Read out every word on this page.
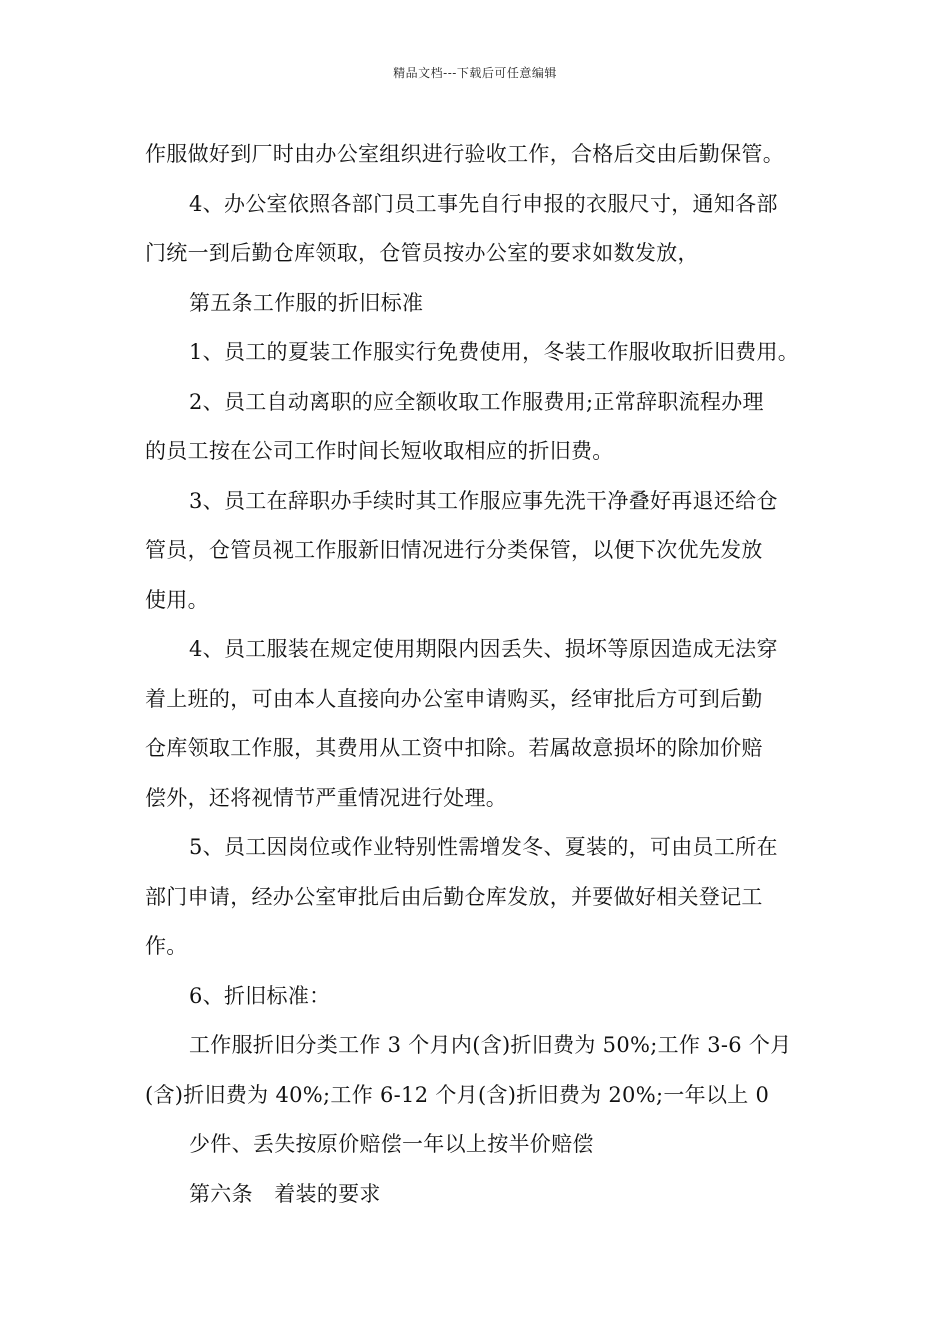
精品文档---下载后可任意编辑
作服做好到厂时由办公室组织进行验收工作，合格后交由后勤保管。
4、办公室依照各部门员工事先自行申报的衣服尺寸，通知各部
门统一到后勤仓库领取，仓管员按办公室的要求如数发放，
第五条工作服的折旧标准
1、员工的夏装工作服实行免费使用，冬装工作服收取折旧费用。
2、员工自动离职的应全额收取工作服费用;正常辞职流程办理
的员工按在公司工作时间长短收取相应的折旧费。
3、员工在辞职办手续时其工作服应事先洗干净叠好再退还给仓
管员，仓管员视工作服新旧情况进行分类保管，以便下次优先发放
使用。
4、员工服装在规定使用期限内因丢失、损坏等原因造成无法穿
着上班的，可由本人直接向办公室申请购买，经审批后方可到后勤
仓库领取工作服，其费用从工资中扣除。若属故意损坏的除加价赔
偿外，还将视情节严重情况进行处理。
5、员工因岗位或作业特别性需增发冬、夏装的，可由员工所在
部门申请，经办公室审批后由后勤仓库发放，并要做好相关登记工
作。
6、折旧标准：
工作服折旧分类工作 3 个月内(含)折旧费为 50%;工作 3-6 个月
(含)折旧费为 40%;工作 6-12 个月(含)折旧费为 20%;一年以上 0
少件、丢失按原价赔偿一年以上按半价赔偿
第六条　着装的要求
